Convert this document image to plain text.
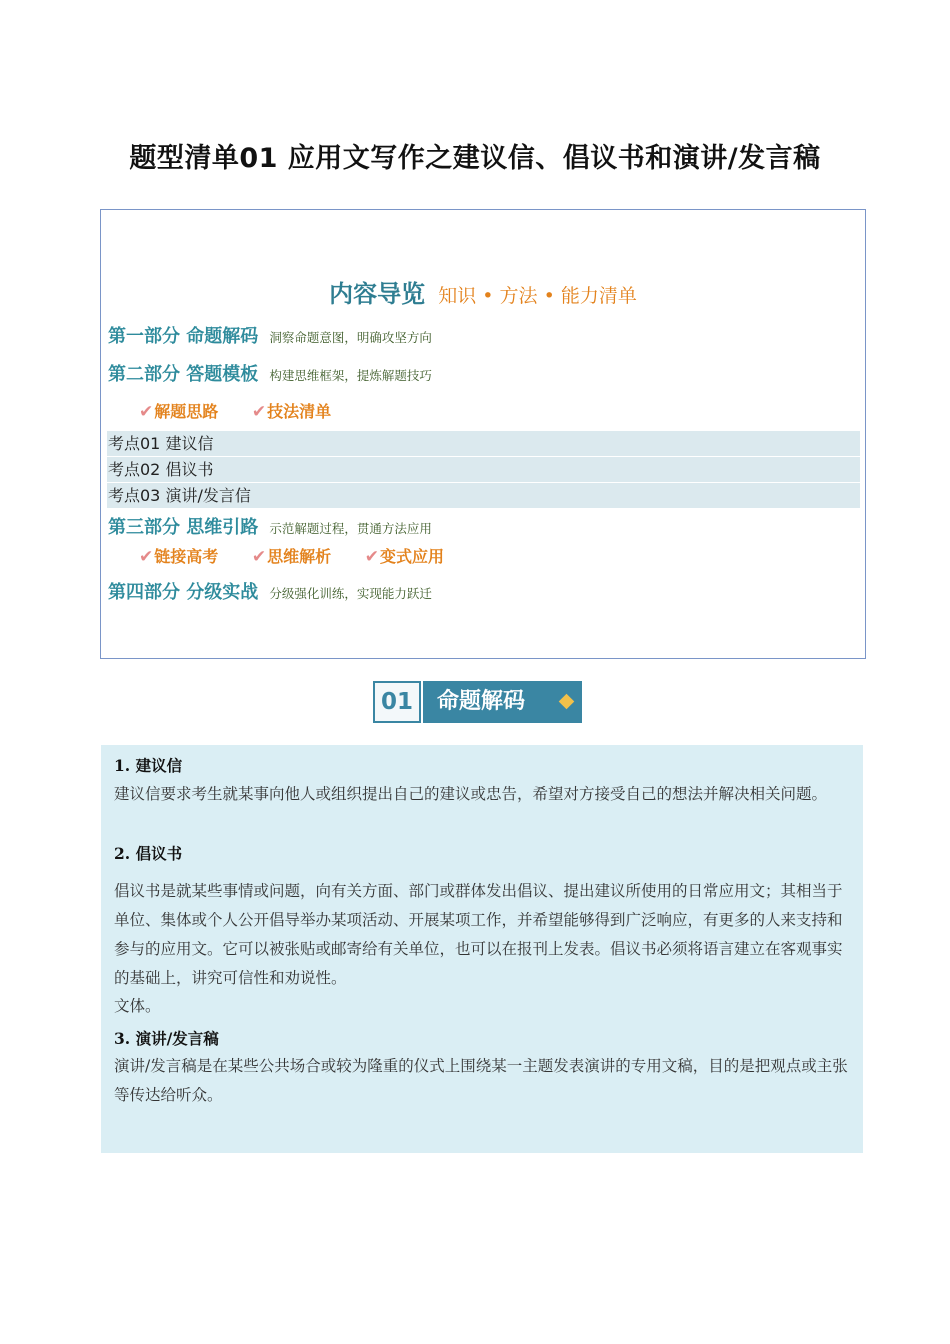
题型清单01 应用文写作之建议信、倡议书和演讲/发言稿
内容导览 知识 • 方法 • 能力清单
第一部分 命题解码 洞察命题意图，明确攻坚方向
第二部分 答题模板 构建思维框架，提炼解题技巧
✔解题思路 ✔技法清单
考点01 建议信
考点02 倡议书
考点03 演讲/发言信
第三部分 思维引路 示范解题过程，贯通方法应用
✔链接高考 ✔思维解析 ✔变式应用
第四部分 分级实战 分级强化训练，实现能力跃迁
01	命题解码
1. 建议信
建议信要求考生就某事向他人或组织提出自己的建议或忠告，希望对方接受自己的想法并解决相关问题。
2. 倡议书
倡议书是就某些事情或问题，向有关方面、部门或群体发出倡议、提出建议所使用的日常应用文；其相当于单位、集体或个人公开倡导举办某项活动、开展某项工作，并希望能够得到广泛响应，有更多的人来支持和参与的应用文。它可以被张贴或邮寄给有关单位，也可以在报刊上发表。倡议书必须将语言建立在客观事实的基础上，讲究可信性和劝说性。
文体。
3. 演讲/发言稿
演讲/发言稿是在某些公共场合或较为隆重的仪式上围绕某一主题发表演讲的专用文稿，目的是把观点或主张等传达给听众。
